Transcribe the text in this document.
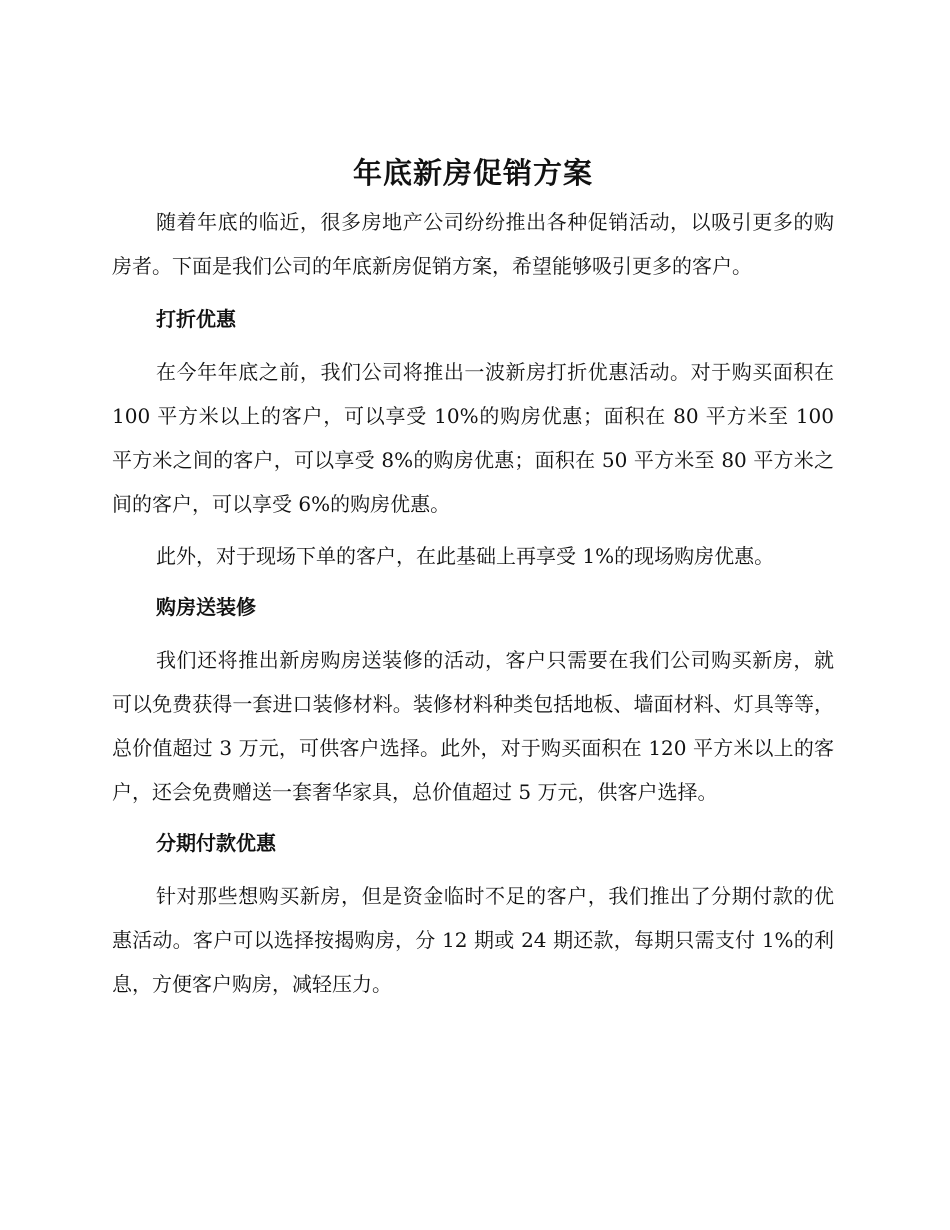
年底新房促销方案

随着年底的临近，很多房地产公司纷纷推出各种促销活动，以吸引更多的购房者。下面是我们公司的年底新房促销方案，希望能够吸引更多的客户。

打折优惠

在今年年底之前，我们公司将推出一波新房打折优惠活动。对于购买面积在 100 平方米以上的客户，可以享受 10%的购房优惠；面积在 80 平方米至 100 平方米之间的客户，可以享受 8%的购房优惠；面积在 50 平方米至 80 平方米之间的客户，可以享受 6%的购房优惠。

此外，对于现场下单的客户，在此基础上再享受 1%的现场购房优惠。

购房送装修

我们还将推出新房购房送装修的活动，客户只需要在我们公司购买新房，就可以免费获得一套进口装修材料。装修材料种类包括地板、墙面材料、灯具等等，总价值超过 3 万元，可供客户选择。此外，对于购买面积在 120 平方米以上的客户，还会免费赠送一套奢华家具，总价值超过 5 万元，供客户选择。

分期付款优惠

针对那些想购买新房，但是资金临时不足的客户，我们推出了分期付款的优惠活动。客户可以选择按揭购房，分 12 期或 24 期还款，每期只需支付 1%的利息，方便客户购房，减轻压力。
